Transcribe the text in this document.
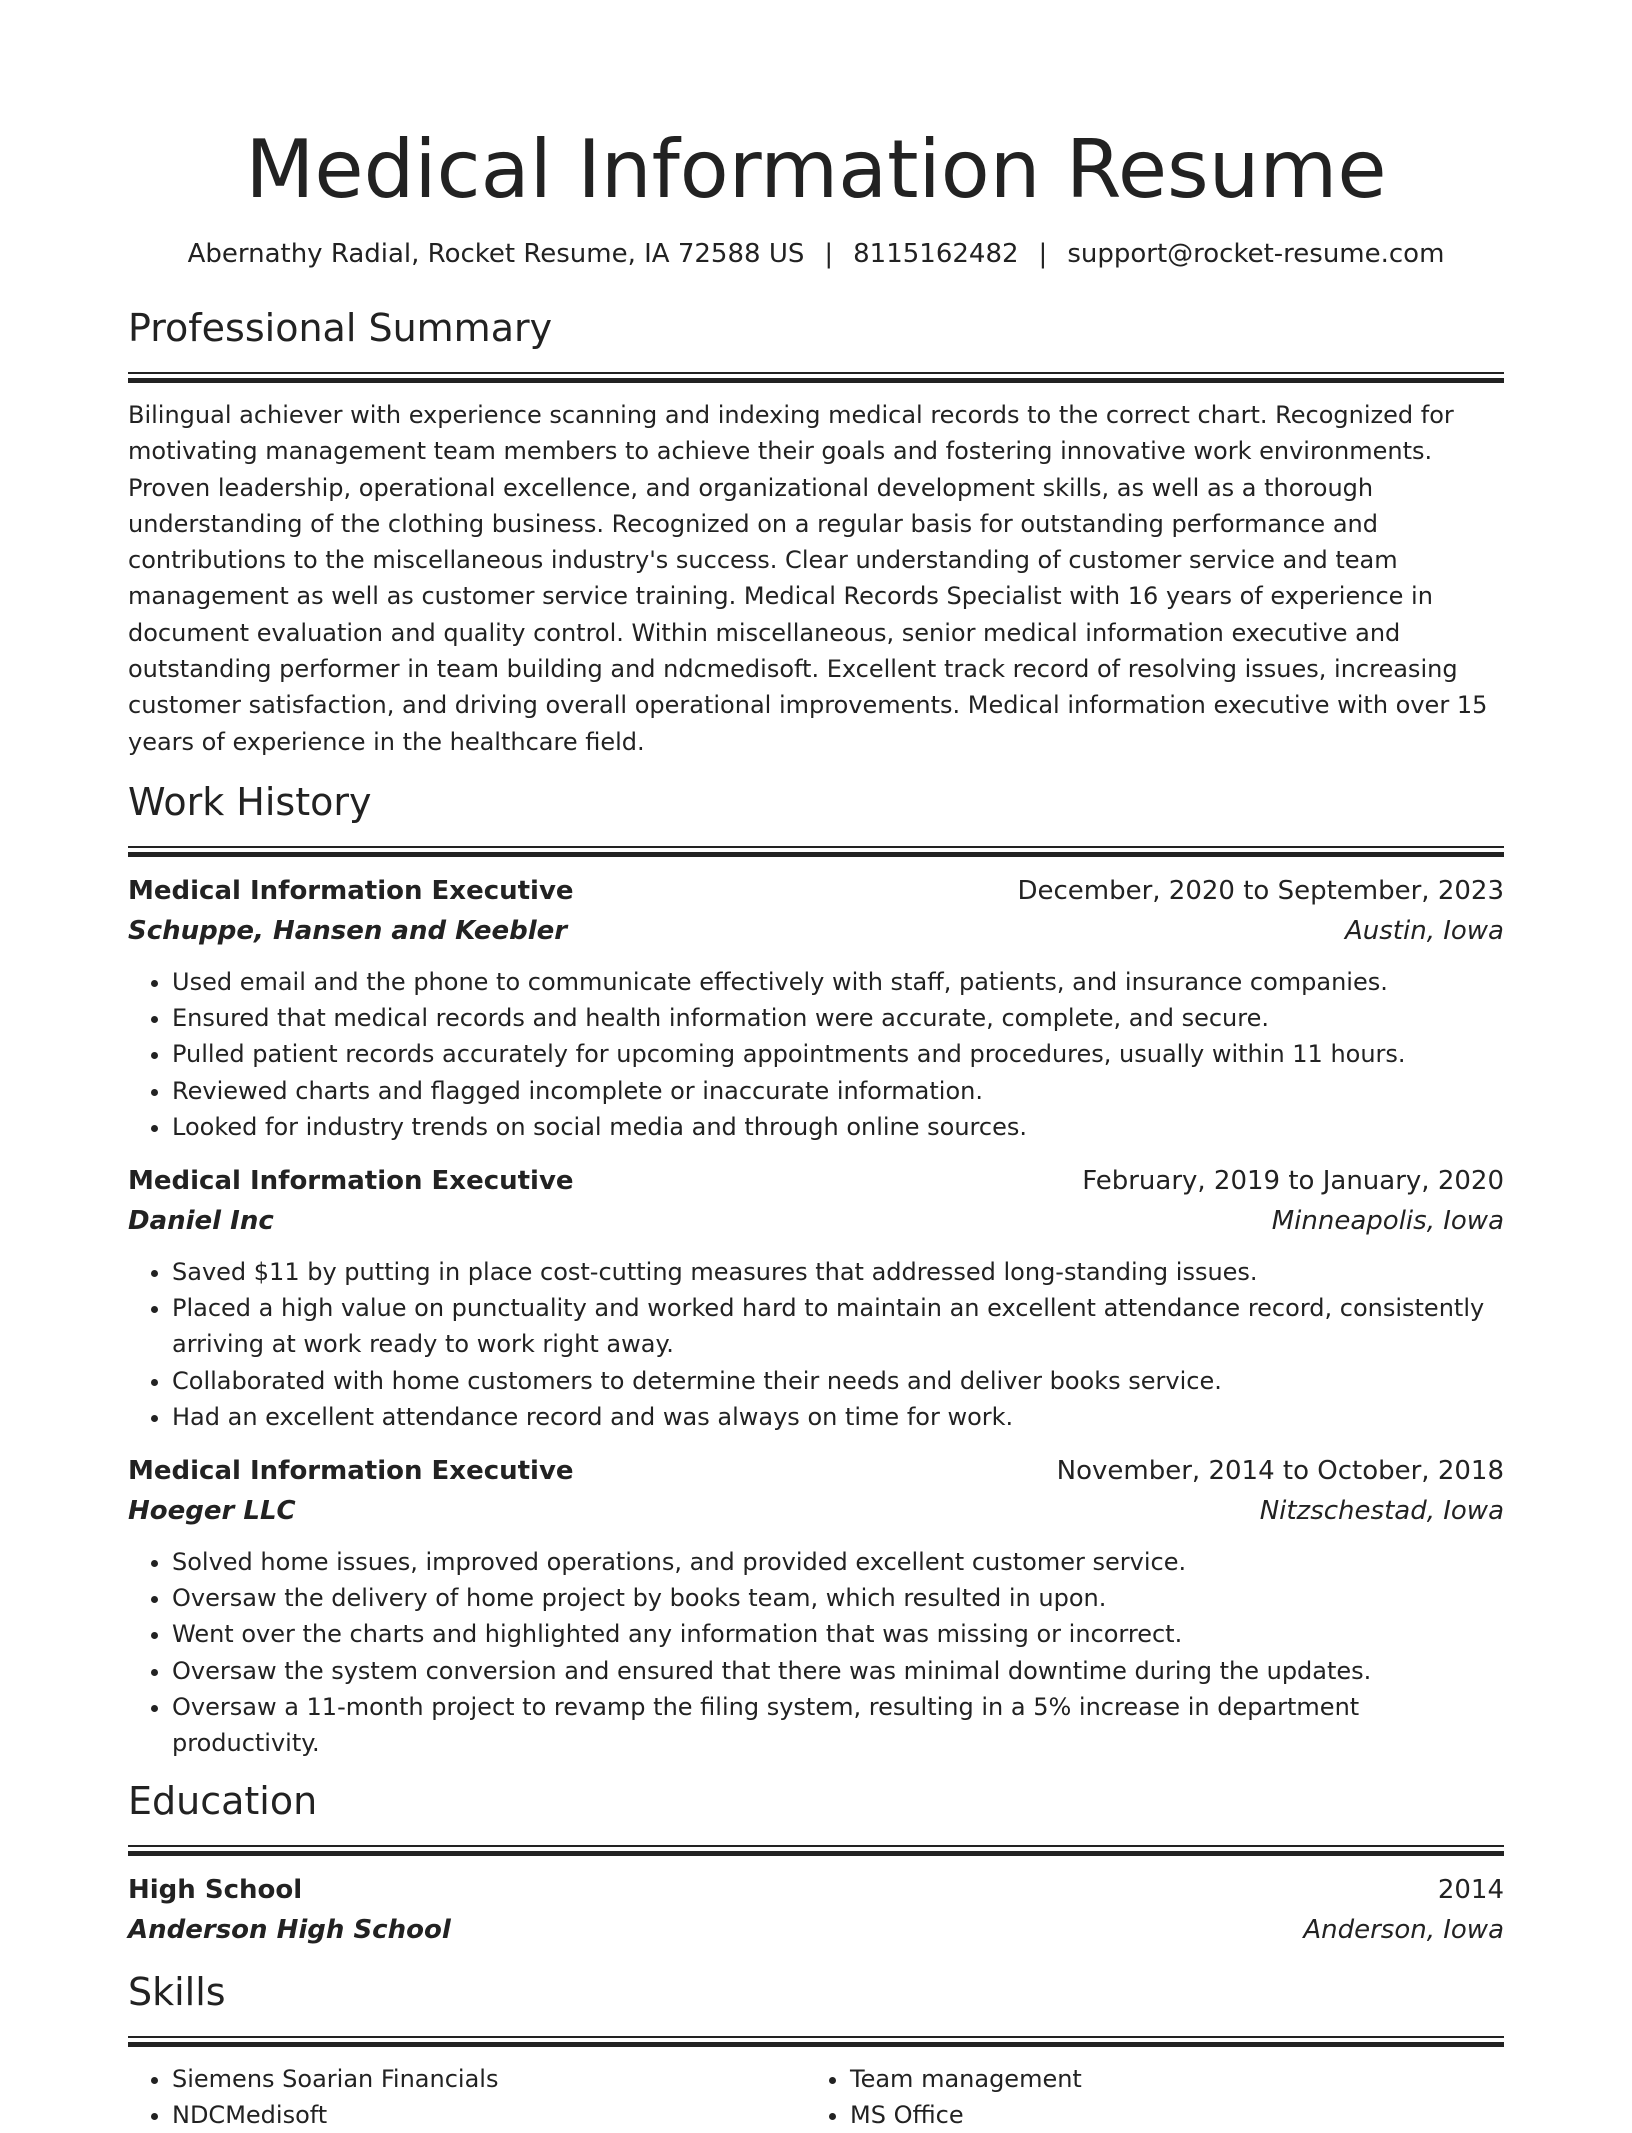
Medical Information Resume
Abernathy Radial, Rocket Resume, IA 72588 US | 8115162482 | support@rocket-resume.com
Professional Summary
Bilingual achiever with experience scanning and indexing medical records to the correct chart. Recognized for motivating management team members to achieve their goals and fostering innovative work environments. Proven leadership, operational excellence, and organizational development skills, as well as a thorough understanding of the clothing business. Recognized on a regular basis for outstanding performance and contributions to the miscellaneous industry's success. Clear understanding of customer service and team management as well as customer service training. Medical Records Specialist with 16 years of experience in document evaluation and quality control. Within miscellaneous, senior medical information executive and outstanding performer in team building and ndcmedisoft. Excellent track record of resolving issues, increasing customer satisfaction, and driving overall operational improvements. Medical information executive with over 15 years of experience in the healthcare field.
Work History
Medical Information Executive	December, 2020 to September, 2023
Schuppe, Hansen and Keebler	Austin, Iowa
• Used email and the phone to communicate effectively with staff, patients, and insurance companies.
• Ensured that medical records and health information were accurate, complete, and secure.
• Pulled patient records accurately for upcoming appointments and procedures, usually within 11 hours.
• Reviewed charts and flagged incomplete or inaccurate information.
• Looked for industry trends on social media and through online sources.
Medical Information Executive	February, 2019 to January, 2020
Daniel Inc	Minneapolis, Iowa
• Saved $11 by putting in place cost-cutting measures that addressed long-standing issues.
• Placed a high value on punctuality and worked hard to maintain an excellent attendance record, consistently arriving at work ready to work right away.
• Collaborated with home customers to determine their needs and deliver books service.
• Had an excellent attendance record and was always on time for work.
Medical Information Executive	November, 2014 to October, 2018
Hoeger LLC	Nitzschestad, Iowa
• Solved home issues, improved operations, and provided excellent customer service.
• Oversaw the delivery of home project by books team, which resulted in upon.
• Went over the charts and highlighted any information that was missing or incorrect.
• Oversaw the system conversion and ensured that there was minimal downtime during the updates.
• Oversaw a 11-month project to revamp the filing system, resulting in a 5% increase in department productivity.
Education
High School	2014
Anderson High School	Anderson, Iowa
Skills
• Siemens Soarian Financials
• NDCMedisoft
• Team management
• MS Office
